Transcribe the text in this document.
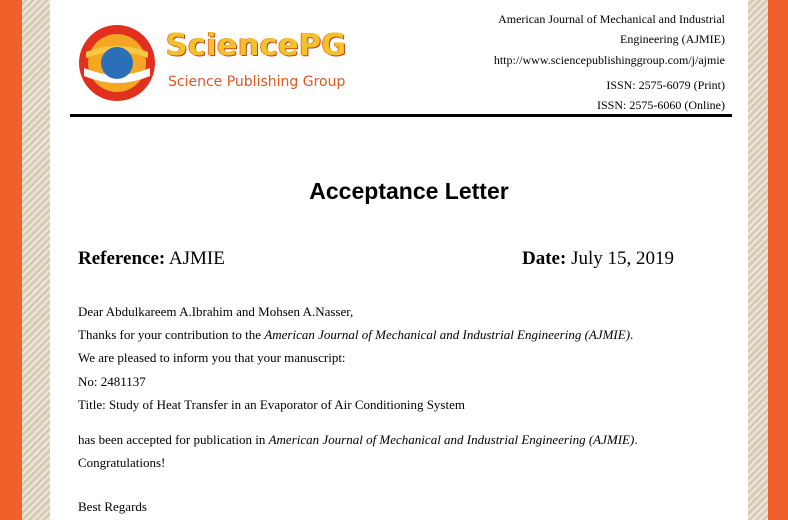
SciencePG
Science Publishing Group
American Journal of Mechanical and Industrial
Engineering (AJMIE)
http://www.sciencepublishinggroup.com/j/ajmie
ISSN: 2575-6079 (Print)
ISSN: 2575-6060 (Online)
Acceptance Letter
Reference: AJMIE	Date: July 15, 2019
Dear Abdulkareem A.Ibrahim and Mohsen A.Nasser,
Thanks for your contribution to the American Journal of Mechanical and Industrial Engineering (AJMIE).
We are pleased to inform you that your manuscript:
No: 2481137
Title: Study of Heat Transfer in an Evaporator of Air Conditioning System
has been accepted for publication in American Journal of Mechanical and Industrial Engineering (AJMIE).
Congratulations!
Best Regards
